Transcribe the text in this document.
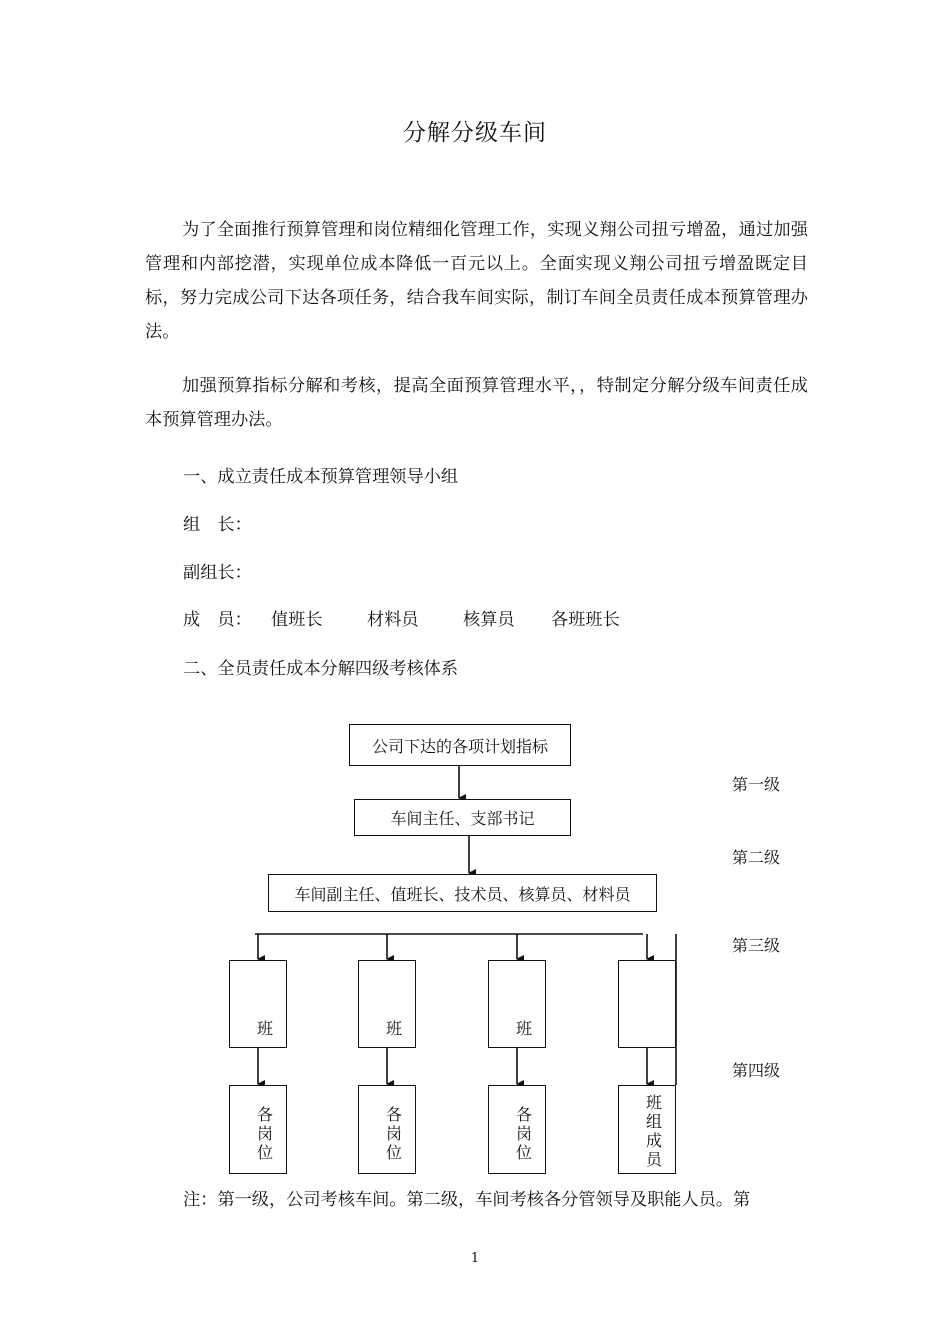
分解分级车间

为了全面推行预算管理和岗位精细化管理工作，实现义翔公司扭亏增盈，通过加强管理和内部挖潜，实现单位成本降低一百元以上。全面实现义翔公司扭亏增盈既定目标，努力完成公司下达各项任务，结合我车间实际，制订车间全员责任成本预算管理办法。

加强预算指标分解和考核，提高全面预算管理水平，，特制定分解分级车间责任成本预算管理办法。

一、成立责任成本预算管理领导小组
组　长：
副组长：
成　员： 值班长	材料员	核算员 各班班长
二、全员责任成本分解四级考核体系
公司下达的各项计划指标
车间主任、支部书记
车间副主任、值班长、技术员、核算员、材料员
班	班	班
各岗位
各岗位
各岗位
班组成员
第一级
第二级
第三级
第四级
注：第一级，公司考核车间。第二级，车间考核各分管领导及职能人员。第
1
